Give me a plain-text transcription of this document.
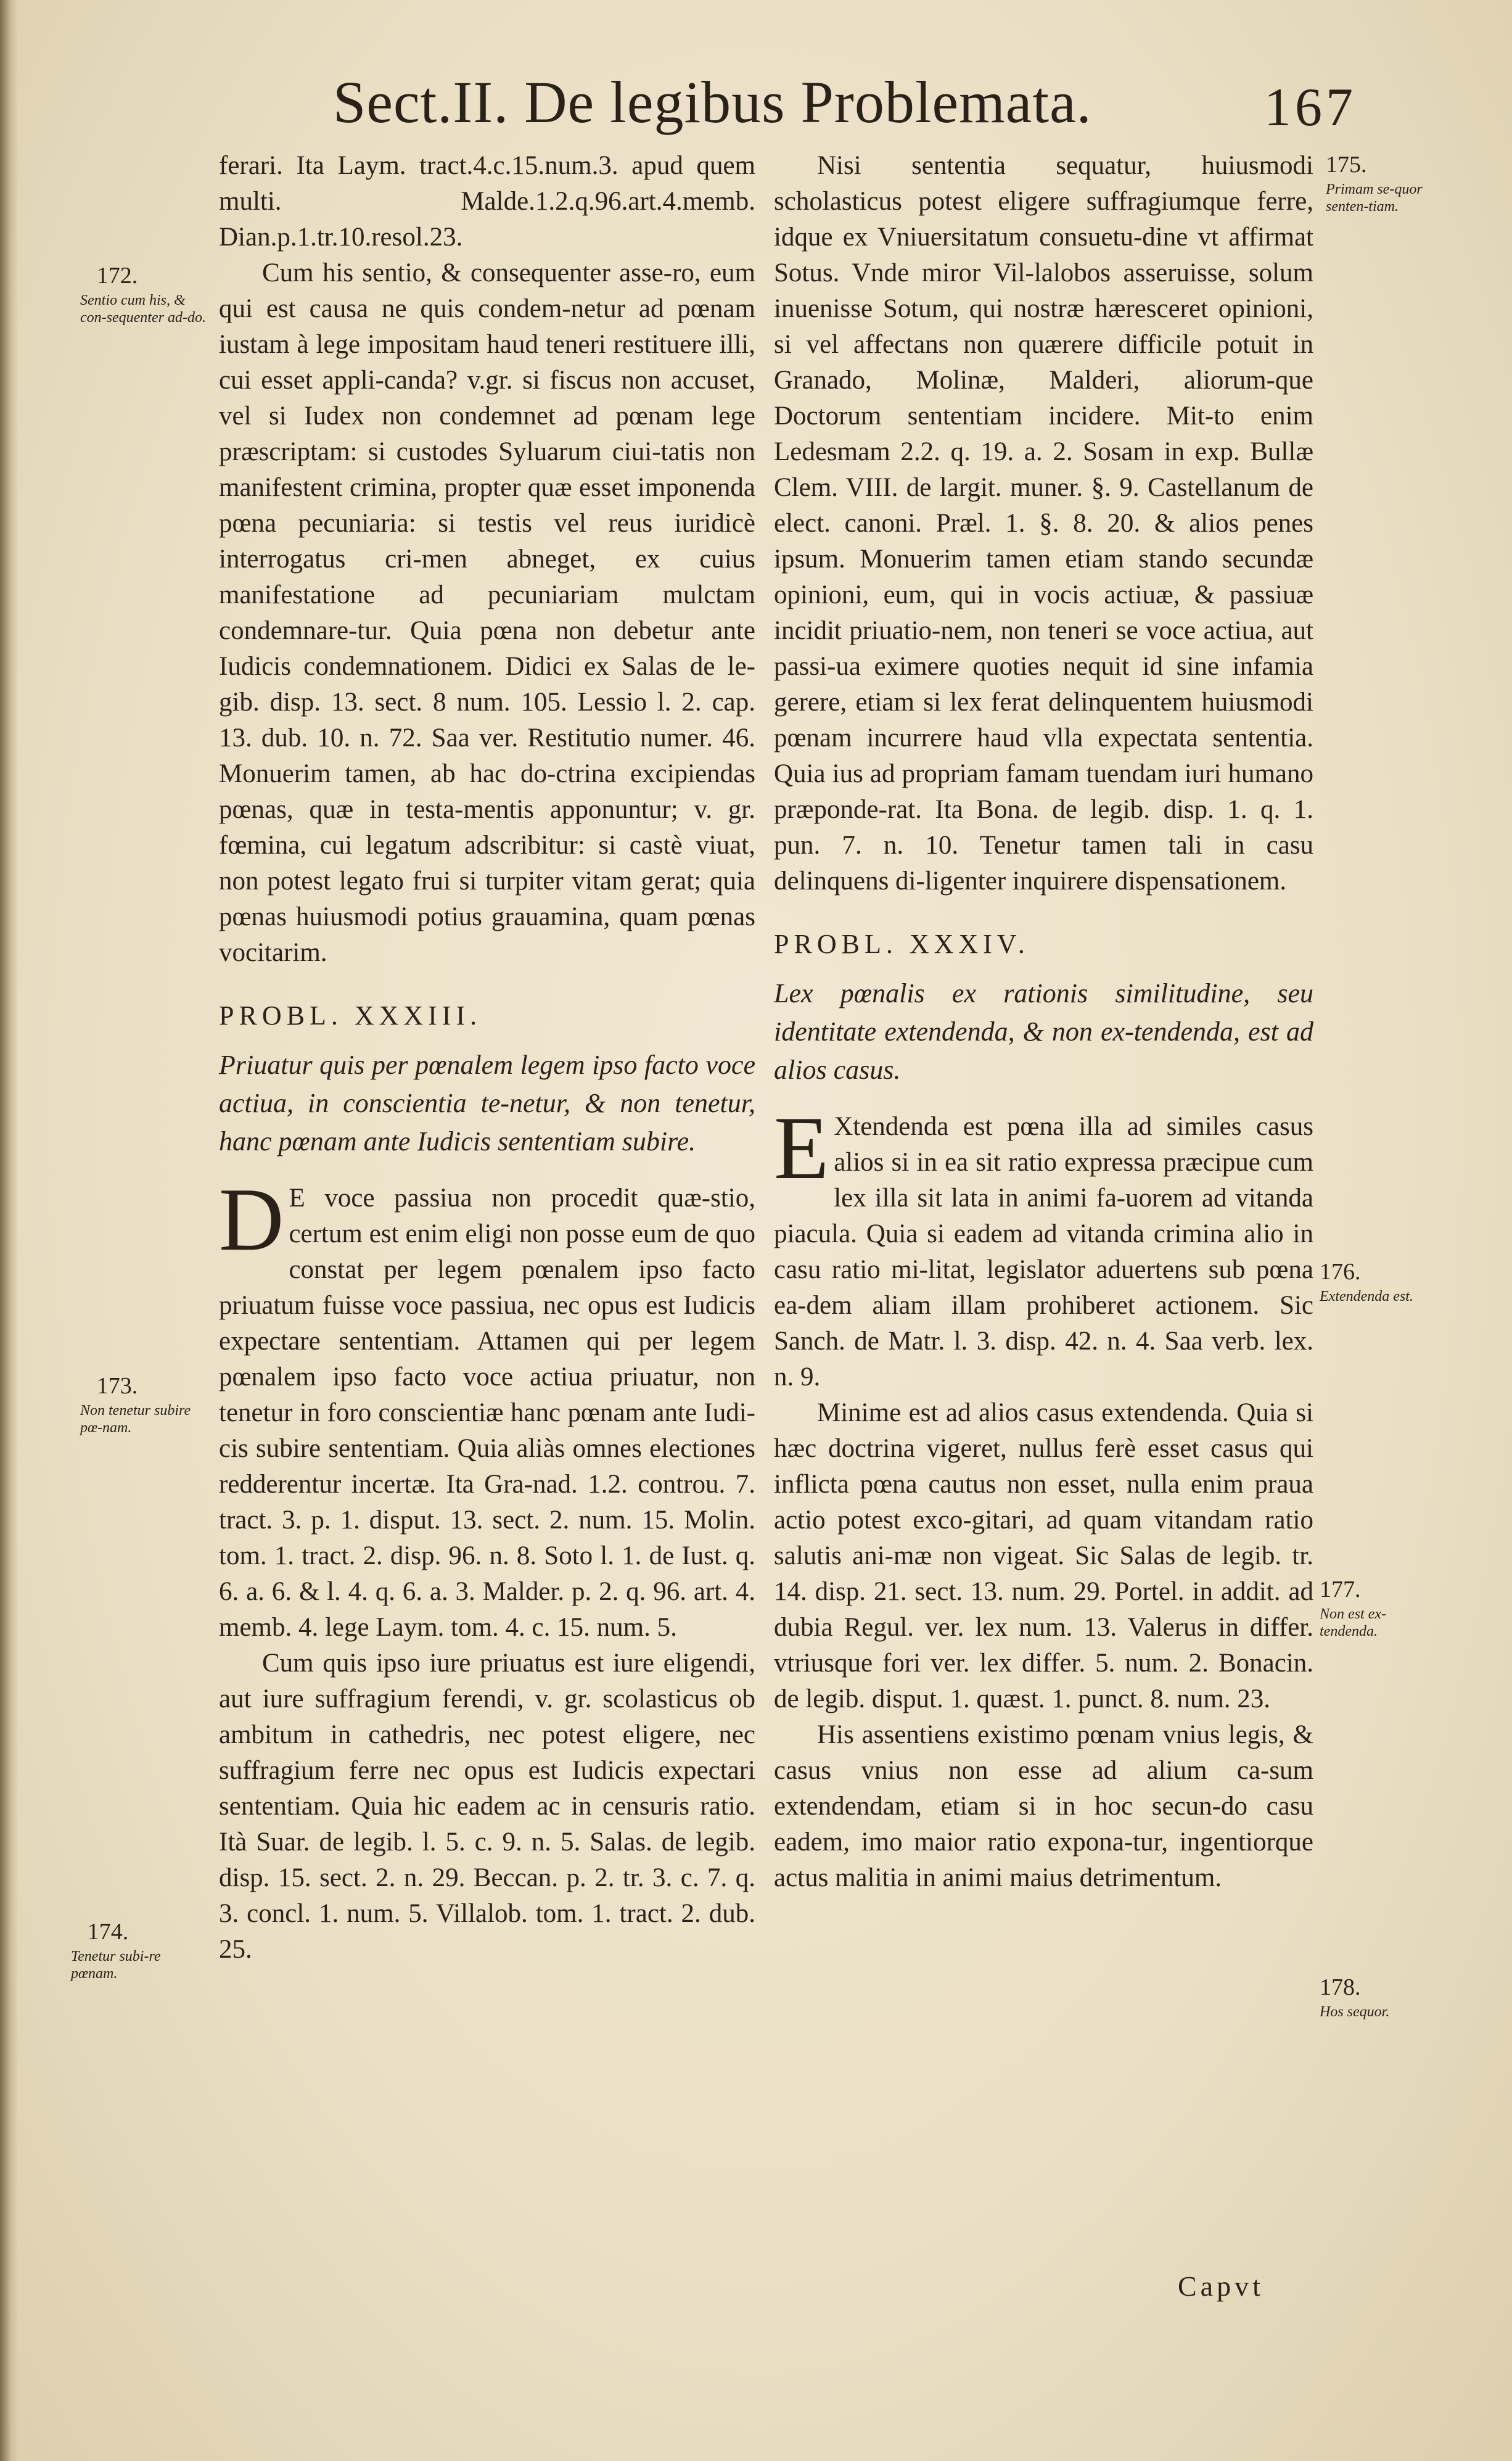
Sect.II. De legibus Problemata.	167

ferari. Ita Laym. tract.4.c.15.num.3. apud quem multi. Malde.1.2.q.96.art.4.memb. Dian.p.1.tr.10.resol.23.

Cum his sentio, & consequenter asse-ro, eum qui est causa ne quis condem-netur ad pœnam iustam à lege impositam haud teneri restituere illi, cui esset appli-canda? v.gr. si fiscus non accuset, vel si Iudex non condemnet ad pœnam lege præscriptam: si custodes Syluarum ciui-tatis non manifestent crimina, propter quæ esset imponenda pœna pecuniaria: si testis vel reus iuridicè interrogatus cri-men abneget, ex cuius manifestatione ad pecuniariam mulctam condemnare-tur. Quia pœna non debetur ante Iudicis condemnationem. Didici ex Salas de le-gib. disp. 13. sect. 8 num. 105. Lessio l. 2. cap. 13. dub. 10. n. 72. Saa ver. Restitutio numer. 46. Monuerim tamen, ab hac do-ctrina excipiendas pœnas, quæ in testa-mentis apponuntur; v. gr. fœmina, cui legatum adscribitur: si castè viuat, non potest legato frui si turpiter vitam gerat; quia pœnas huiusmodi potius grauamina, quam pœnas vocitarim.

PROBL. XXXIII.

Priuatur quis per pœnalem legem ipso facto voce actiua, in conscientia te-netur, & non tenetur, hanc pœnam ante Iudicis sententiam subire.

D E voce passiua non procedit quæ-stio, certum est enim eligi non posse eum de quo constat per legem pœnalem ipso facto priuatum fuisse voce passiua, nec opus est Iudicis expectare sententiam. Attamen qui per legem pœnalem ipso facto voce actiua priuatur, non tenetur in foro conscientiæ hanc pœnam ante Iudi-cis subire sententiam. Quia aliàs omnes electiones redderentur incertæ. Ita Gra-nad. 1.2. controu. 7. tract. 3. p. 1. disput. 13. sect. 2. num. 15. Molin. tom. 1. tract. 2. disp. 96. n. 8. Soto l. 1. de Iust. q. 6. a. 6. & l. 4. q. 6. a. 3. Malder. p. 2. q. 96. art. 4. memb. 4. lege Laym. tom. 4. c. 15. num. 5.

Cum quis ipso iure priuatus est iure eligendi, aut iure suffragium ferendi, v. gr. scolasticus ob ambitum in cathedris, nec potest eligere, nec suffragium ferre nec opus est Iudicis expectari sententiam. Quia hic eadem ac in censuris ratio. Ità Suar. de legib. l. 5. c. 9. n. 5. Salas. de legib. disp. 15. sect. 2. n. 29. Beccan. p. 2. tr. 3. c. 7. q. 3. concl. 1. num. 5. Villalob. tom. 1. tract. 2. dub. 25.

Nisi sententia sequatur, huiusmodi scholasticus potest eligere suffragiumque ferre, idque ex Vniuersitatum consuetu-dine vt affirmat Sotus. Vnde miror Vil-lalobos asseruisse, solum inuenisse Sotum, qui nostræ hæresceret opinioni, si vel affectans non quærere difficile potuit in Granado, Molinæ, Malderi, aliorum-que Doctorum sententiam incidere. Mit-to enim Ledesmam 2.2. q. 19. a. 2. Sosam in exp. Bullæ Clem. VIII. de largit. muner. §. 9. Castellanum de elect. canoni. Præl. 1. §. 8. 20. & alios penes ipsum. Monuerim tamen etiam stando secundæ opinioni, eum, qui in vocis actiuæ, & passiuæ incidit priuatio-nem, non teneri se voce actiua, aut passi-ua eximere quoties nequit id sine infamia gerere, etiam si lex ferat delinquentem huiusmodi pœnam incurrere haud vlla expectata sententia. Quia ius ad propriam famam tuendam iuri humano præponde-rat. Ita Bona. de legib. disp. 1. q. 1. pun. 7. n. 10. Tenetur tamen tali in casu delinquens di-ligenter inquirere dispensationem.

PROBL. XXXIV.

Lex pœnalis ex rationis similitudine, seu identitate extendenda, & non ex-tendenda, est ad alios casus.

E Xtendenda est pœna illa ad similes casus alios si in ea sit ratio expressa præcipue cum lex illa sit lata in animi fa-uorem ad vitanda piacula. Quia si eadem ad vitanda crimina alio in casu ratio mi-litat, legislator aduertens sub pœna ea-dem aliam illam prohiberet actionem. Sic Sanch. de Matr. l. 3. disp. 42. n. 4. Saa verb. lex. n. 9.

Minime est ad alios casus extendenda. Quia si hæc doctrina vigeret, nullus ferè esset casus qui inflicta pœna cautus non esset, nulla enim praua actio potest exco-gitari, ad quam vitandam ratio salutis ani-mæ non vigeat. Sic Salas de legib. tr. 14. disp. 21. sect. 13. num. 29. Portel. in addit. ad dubia Regul. ver. lex num. 13. Valerus in differ. vtriusque fori ver. lex differ. 5. num. 2. Bonacin. de legib. disput. 1. quæst. 1. punct. 8. num. 23.

His assentiens existimo pœnam vnius legis, & casus vnius non esse ad alium ca-sum extendendam, etiam si in hoc secun-do casu eadem, imo maior ratio expona-tur, ingentiorque actus malitia in animi maius detrimentum.

172.
Sentio cum his, & con-sequenter ad-do.
173.
Non tenetur subire pœ-nam.
174.
Tenetur subi-re pœnam.
175.
Primam se-quor senten-tiam.
176.
Extendenda est.
177.
Non est ex-tendenda.
178.
Hos sequor.
Capvt
